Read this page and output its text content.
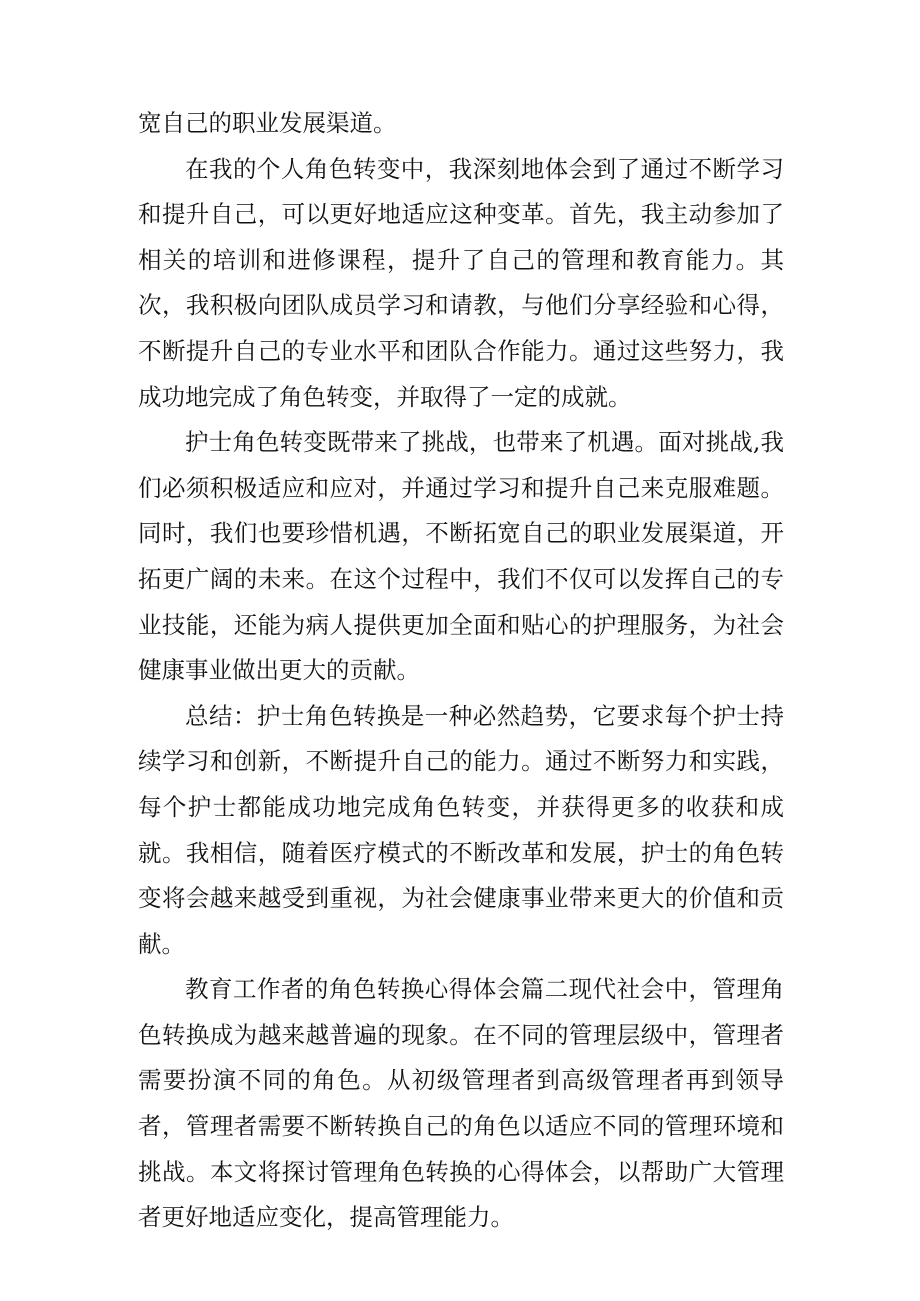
宽自己的职业发展渠道。

在我的个人角色转变中，我深刻地体会到了通过不断学习和提升自己，可以更好地适应这种变革。首先，我主动参加了相关的培训和进修课程，提升了自己的管理和教育能力。其次，我积极向团队成员学习和请教，与他们分享经验和心得，不断提升自己的专业水平和团队合作能力。通过这些努力，我成功地完成了角色转变，并取得了一定的成就。

护士角色转变既带来了挑战，也带来了机遇。面对挑战,我们必须积极适应和应对，并通过学习和提升自己来克服难题。同时，我们也要珍惜机遇，不断拓宽自己的职业发展渠道，开拓更广阔的未来。在这个过程中，我们不仅可以发挥自己的专业技能，还能为病人提供更加全面和贴心的护理服务，为社会健康事业做出更大的贡献。

总结：护士角色转换是一种必然趋势，它要求每个护士持续学习和创新，不断提升自己的能力。通过不断努力和实践，每个护士都能成功地完成角色转变，并获得更多的收获和成就。我相信，随着医疗模式的不断改革和发展，护士的角色转变将会越来越受到重视，为社会健康事业带来更大的价值和贡献。

教育工作者的角色转换心得体会篇二现代社会中，管理角色转换成为越来越普遍的现象。在不同的管理层级中，管理者需要扮演不同的角色。从初级管理者到高级管理者再到领导者，管理者需要不断转换自己的角色以适应不同的管理环境和挑战。本文将探讨管理角色转换的心得体会，以帮助广大管理者更好地适应变化，提高管理能力。
